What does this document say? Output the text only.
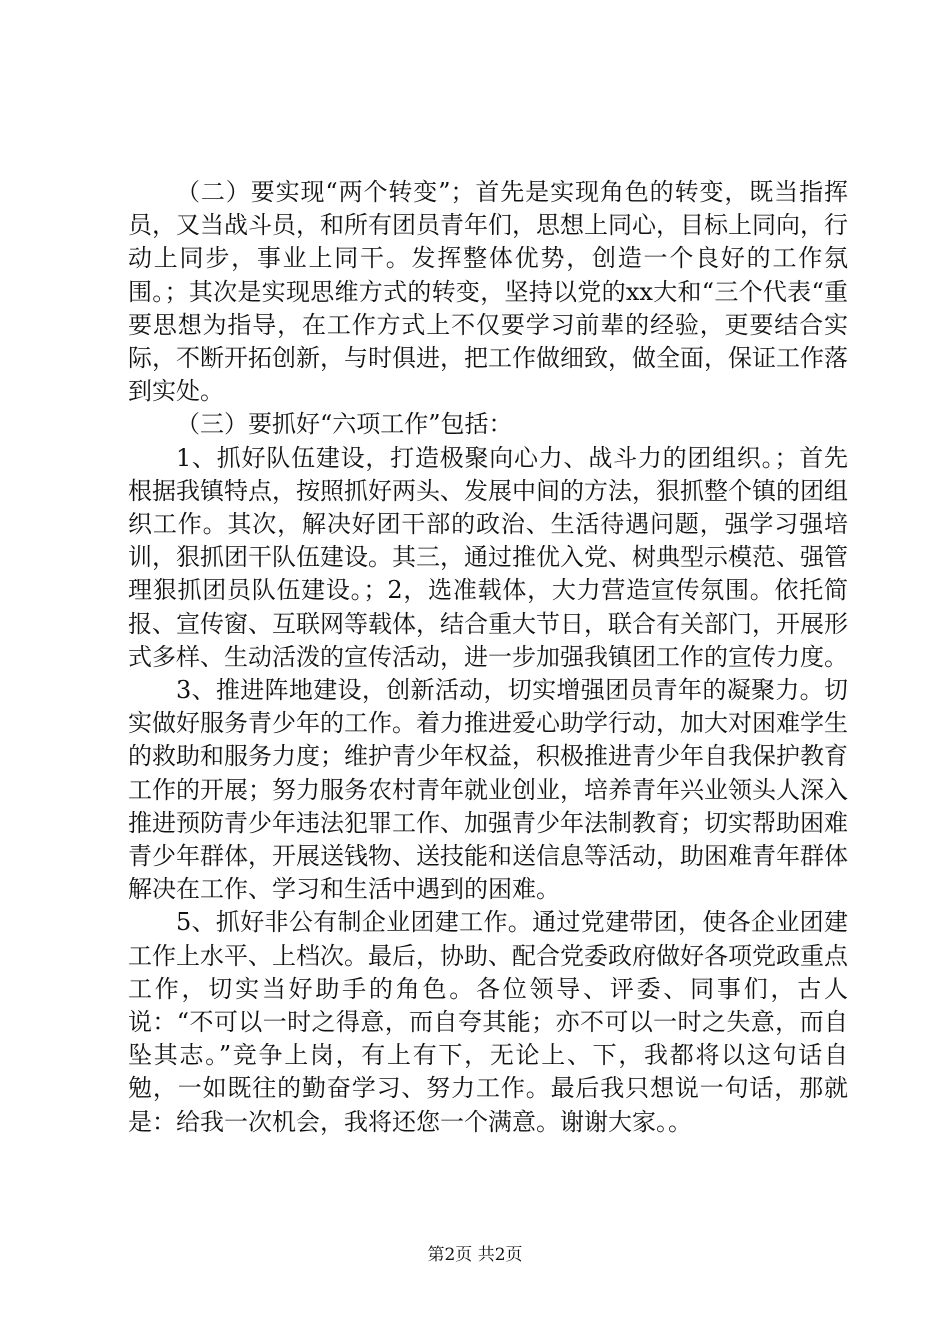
（二）要实现“两个转变”；首先是实现角色的转变，既当指挥员，又当战斗员，和所有团员青年们，思想上同心，目标上同向，行动上同步，事业上同干。发挥整体优势，创造一个良好的工作氛围。；其次是实现思维方式的转变，坚持以党的xx大和“三个代表“重要思想为指导，在工作方式上不仅要学习前辈的经验，更要结合实际，不断开拓创新，与时俱进，把工作做细致，做全面，保证工作落到实处。

（三）要抓好“六项工作”包括：

1、抓好队伍建设，打造极聚向心力、战斗力的团组织。；首先根据我镇特点，按照抓好两头、发展中间的方法，狠抓整个镇的团组织工作。其次，解决好团干部的政治、生活待遇问题，强学习强培训，狠抓团干队伍建设。其三，通过推优入党、树典型示模范、强管理狠抓团员队伍建设。；2，选准载体，大力营造宣传氛围。依托简报、宣传窗、互联网等载体，结合重大节日，联合有关部门，开展形式多样、生动活泼的宣传活动，进一步加强我镇团工作的宣传力度。

3、推进阵地建设，创新活动，切实增强团员青年的凝聚力。切实做好服务青少年的工作。着力推进爱心助学行动，加大对困难学生的救助和服务力度；维护青少年权益，积极推进青少年自我保护教育工作的开展；努力服务农村青年就业创业，培养青年兴业领头人深入推进预防青少年违法犯罪工作、加强青少年法制教育；切实帮助困难青少年群体，开展送钱物、送技能和送信息等活动，助困难青年群体解决在工作、学习和生活中遇到的困难。

5、抓好非公有制企业团建工作。通过党建带团，使各企业团建工作上水平、上档次。最后，协助、配合党委政府做好各项党政重点工作，切实当好助手的角色。各位领导、评委、同事们，古人说：“不可以一时之得意，而自夸其能；亦不可以一时之失意，而自坠其志。”竞争上岗，有上有下，无论上、下，我都将以这句话自勉，一如既往的勤奋学习、努力工作。最后我只想说一句话，那就是：给我一次机会，我将还您一个满意。谢谢大家。。

第2页 共2页
